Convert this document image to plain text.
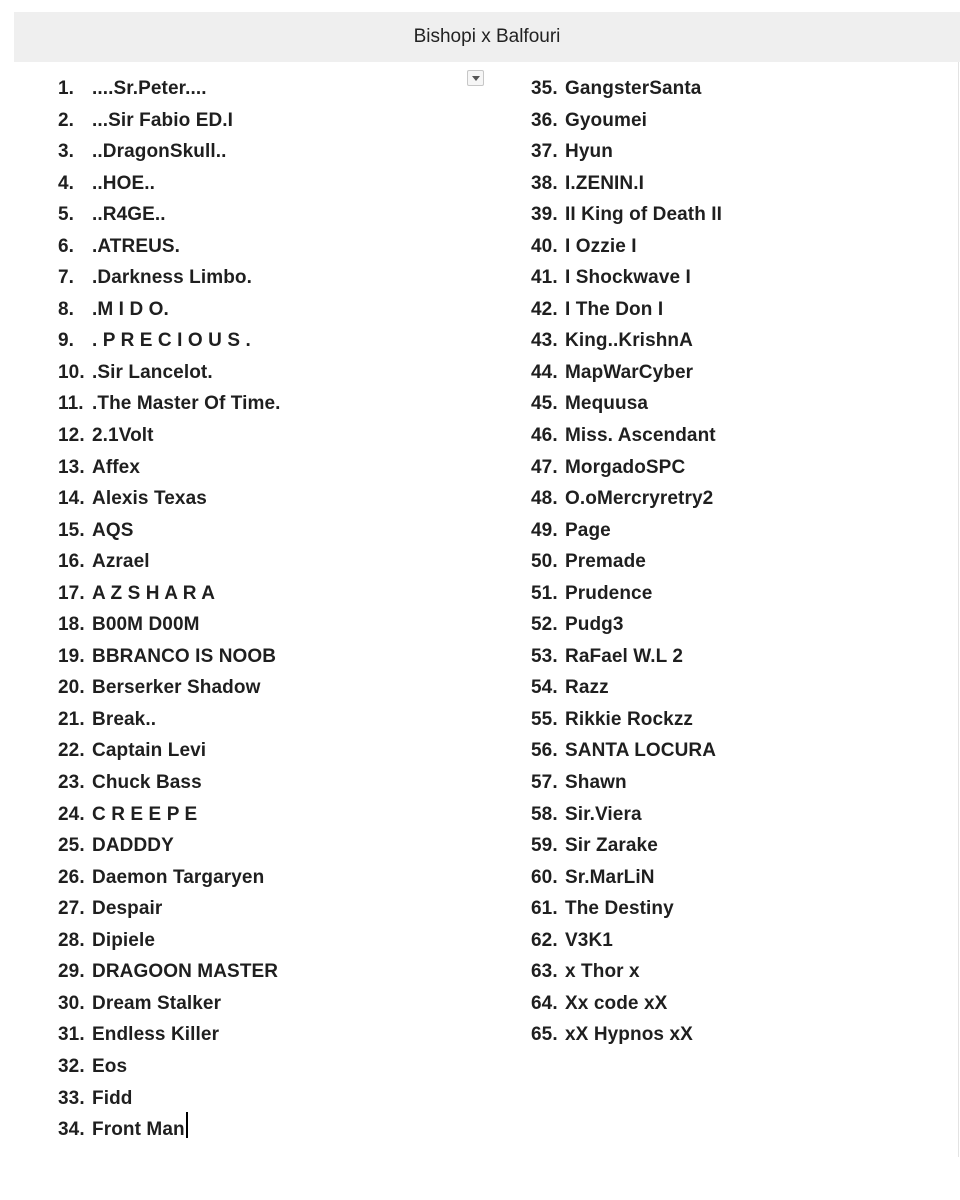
Bishopi x Balfouri
1. ....Sr.Peter....
2. ...Sir Fabio ED.I
3. ..DragonSkull..
4. ..HOE..
5. ..R4GE..
6. .ATREUS.
7. .Darkness Limbo.
8. .M I D O.
9. . P R E C I O U S .
10. .Sir Lancelot.
11. .The Master Of Time.
12. 2.1Volt
13. Affex
14. Alexis Texas
15. AQS
16. Azrael
17. A Z S H A R A
18. B00M D00M
19. BBRANCO IS NOOB
20. Berserker Shadow
21. Break..
22. Captain Levi
23. Chuck Bass
24. C R E E P E
25. DADDDY
26. Daemon Targaryen
27. Despair
28. Dipiele
29. DRAGOON MASTER
30. Dream Stalker
31. Endless Killer
32. Eos
33. Fidd
34. Front Man
35. GangsterSanta
36. Gyoumei
37. Hyun
38. I.ZENIN.I
39. II King of Death II
40. I Ozzie I
41. I Shockwave I
42. I The Don I
43. King..KrishnA
44. MapWarCyber
45. Mequusa
46. Miss. Ascendant
47. MorgadoSPC
48. O.oMercryretry2
49. Page
50. Premade
51. Prudence
52. Pudg3
53. RaFael W.L 2
54. Razz
55. Rikkie Rockzz
56. SANTA LOCURA
57. Shawn
58. Sir.Viera
59. Sir Zarake
60. Sr.MarLiN
61. The Destiny
62. V3K1
63. x Thor x
64. Xx code xX
65. xX Hypnos xX
